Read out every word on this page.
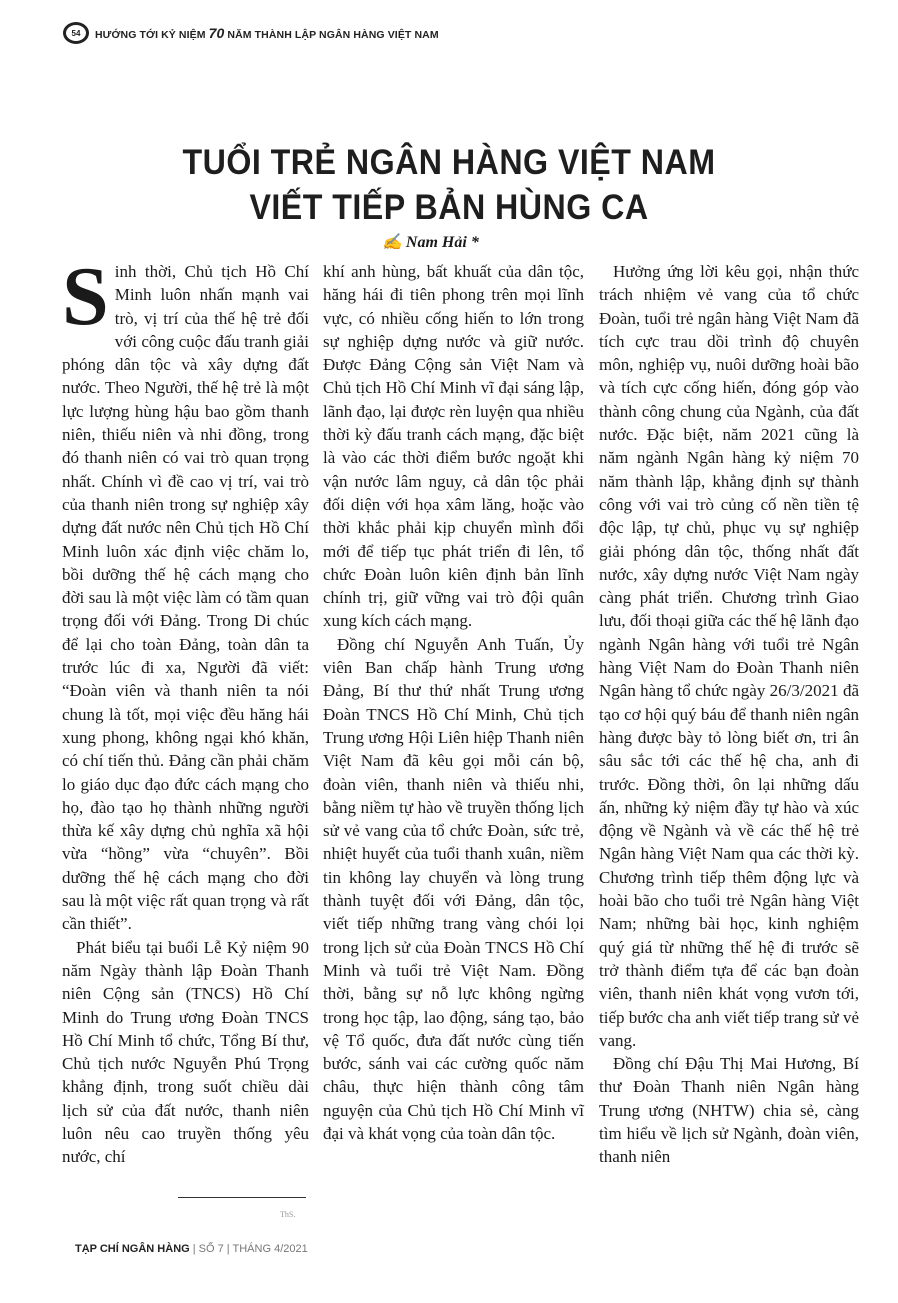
54	HƯỚNG TỚI KỶ NIỆM 70 NĂM THÀNH LẬP NGÂN HÀNG VIỆT NAM
TUỔI TRẺ NGÂN HÀNG VIỆT NAM
VIẾT TIẾP BẢN HÙNG CA
✍ Nam Hải *

Sinh thời, Chủ tịch Hồ Chí Minh luôn nhấn mạnh vai trò, vị trí của thế hệ trẻ đối với công cuộc đấu tranh giải phóng dân tộc và xây dựng đất nước. Theo Người, thế hệ trẻ là một lực lượng hùng hậu bao gồm thanh niên, thiếu niên và nhi đồng, trong đó thanh niên có vai trò quan trọng nhất. Chính vì đề cao vị trí, vai trò của thanh niên trong sự nghiệp xây dựng đất nước nên Chủ tịch Hồ Chí Minh luôn xác định việc chăm lo, bồi dưỡng thế hệ cách mạng cho đời sau là một việc làm có tầm quan trọng đối với Đảng. Trong Di chúc để lại cho toàn Đảng, toàn dân ta trước lúc đi xa, Người đã viết: “Đoàn viên và thanh niên ta nói chung là tốt, mọi việc đều hăng hái xung phong, không ngại khó khăn, có chí tiến thủ. Đảng cần phải chăm lo giáo dục đạo đức cách mạng cho họ, đào tạo họ thành những người thừa kế xây dựng chủ nghĩa xã hội vừa “hồng” vừa “chuyên”. Bồi dưỡng thế hệ cách mạng cho đời sau là một việc rất quan trọng và rất cần thiết”.

Phát biểu tại buổi Lễ Kỷ niệm 90 năm Ngày thành lập Đoàn Thanh niên Cộng sản (TNCS) Hồ Chí Minh do Trung ương Đoàn TNCS Hồ Chí Minh tổ chức, Tổng Bí thư, Chủ tịch nước Nguyễn Phú Trọng khẳng định, trong suốt chiều dài lịch sử của đất nước, thanh niên luôn nêu cao truyền thống yêu nước, chí

khí anh hùng, bất khuất của dân tộc, hăng hái đi tiên phong trên mọi lĩnh vực, có nhiều cống hiến to lớn trong sự nghiệp dựng nước và giữ nước. Được Đảng Cộng sản Việt Nam và Chủ tịch Hồ Chí Minh vĩ đại sáng lập, lãnh đạo, lại được rèn luyện qua nhiều thời kỳ đấu tranh cách mạng, đặc biệt là vào các thời điểm bước ngoặt khi vận nước lâm nguy, cả dân tộc phải đối diện với họa xâm lăng, hoặc vào thời khắc phải kịp chuyển mình đổi mới để tiếp tục phát triển đi lên, tổ chức Đoàn luôn kiên định bản lĩnh chính trị, giữ vững vai trò đội quân xung kích cách mạng.

Đồng chí Nguyễn Anh Tuấn, Ủy viên Ban chấp hành Trung ương Đảng, Bí thư thứ nhất Trung ương Đoàn TNCS Hồ Chí Minh, Chủ tịch Trung ương Hội Liên hiệp Thanh niên Việt Nam đã kêu gọi mỗi cán bộ, đoàn viên, thanh niên và thiếu nhi, bằng niềm tự hào về truyền thống lịch sử vẻ vang của tổ chức Đoàn, sức trẻ, nhiệt huyết của tuổi thanh xuân, niềm tin không lay chuyển và lòng trung thành tuyệt đối với Đảng, dân tộc, viết tiếp những trang vàng chói lọi trong lịch sử của Đoàn TNCS Hồ Chí Minh và tuổi trẻ Việt Nam. Đồng thời, bằng sự nỗ lực không ngừng trong học tập, lao động, sáng tạo, bảo vệ Tổ quốc, đưa đất nước cùng tiến bước, sánh vai các cường quốc năm châu, thực hiện thành công tâm nguyện của Chủ tịch Hồ Chí Minh vĩ đại và khát vọng của toàn dân tộc.

Hưởng ứng lời kêu gọi, nhận thức trách nhiệm vẻ vang của tổ chức Đoàn, tuổi trẻ ngân hàng Việt Nam đã tích cực trau dồi trình độ chuyên môn, nghiệp vụ, nuôi dưỡng hoài bão và tích cực cống hiến, đóng góp vào thành công chung của Ngành, của đất nước. Đặc biệt, năm 2021 cũng là năm ngành Ngân hàng kỷ niệm 70 năm thành lập, khẳng định sự thành công với vai trò củng cố nền tiền tệ độc lập, tự chủ, phục vụ sự nghiệp giải phóng dân tộc, thống nhất đất nước, xây dựng nước Việt Nam ngày càng phát triển. Chương trình Giao lưu, đối thoại giữa các thế hệ lãnh đạo ngành Ngân hàng với tuổi trẻ Ngân hàng Việt Nam do Đoàn Thanh niên Ngân hàng tổ chức ngày 26/3/2021 đã tạo cơ hội quý báu để thanh niên ngân hàng được bày tỏ lòng biết ơn, tri ân sâu sắc tới các thế hệ cha, anh đi trước. Đồng thời, ôn lại những dấu ấn, những kỷ niệm đầy tự hào và xúc động về Ngành và về các thế hệ trẻ Ngân hàng Việt Nam qua các thời kỳ. Chương trình tiếp thêm động lực và hoài bão cho tuổi trẻ Ngân hàng Việt Nam; những bài học, kinh nghiệm quý giá từ những thế hệ đi trước sẽ trở thành điểm tựa để các bạn đoàn viên, thanh niên khát vọng vươn tới, tiếp bước cha anh viết tiếp trang sử vẻ vang.

Đồng chí Đậu Thị Mai Hương, Bí thư Đoàn Thanh niên Ngân hàng Trung ương (NHTW) chia sẻ, càng tìm hiểu về lịch sử Ngành, đoàn viên, thanh niên

ThS.
TẠP CHÍ NGÂN HÀNG | SỐ 7 | THÁNG 4/2021
